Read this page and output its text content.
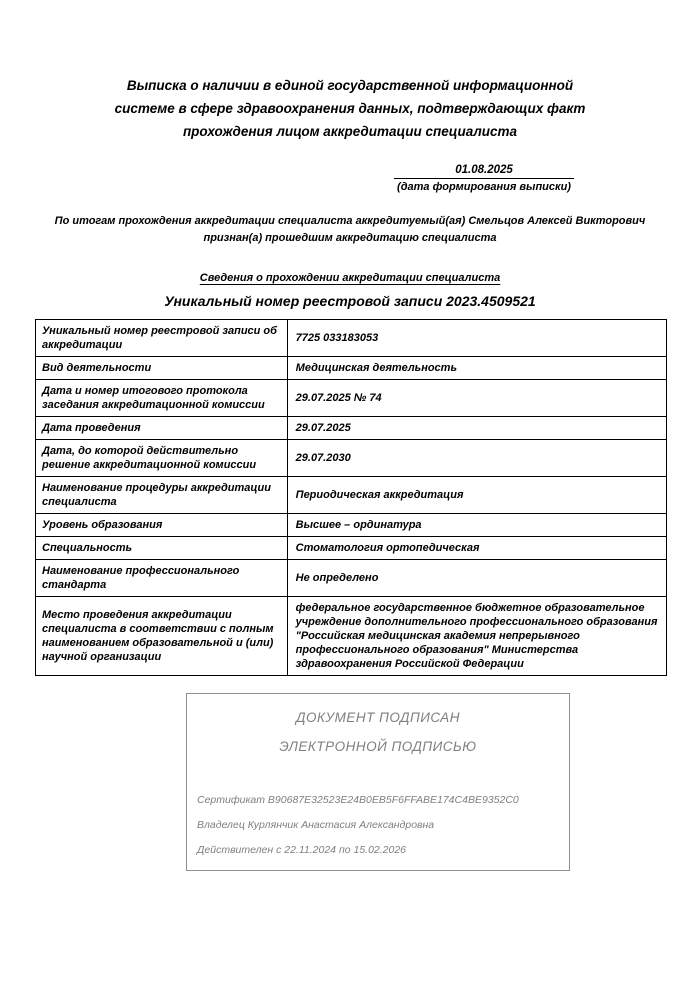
Выписка о наличии в единой государственной информационной системе в сфере здравоохранения данных, подтверждающих факт прохождения лицом аккредитации специалиста
01.08.2025
(дата формирования выписки)

По итогам прохождения аккредитации специалиста аккредитуемый(ая) Смельцов Алексей Викторович признан(а) прошедшим аккредитацию специалиста

Сведения о прохождении аккредитации специалиста
Уникальный номер реестровой записи 2023.4509521
Уникальный номер реестровой записи об аккредитации	7725 033183053
Вид деятельности	Медицинская деятельность
Дата и номер итогового протокола заседания аккредитационной комиссии	29.07.2025 № 74
Дата проведения	29.07.2025
Дата, до которой действительно решение аккредитационной комиссии	29.07.2030
Наименование процедуры аккредитации специалиста	Периодическая аккредитация
Уровень образования	Высшее – ординатура
Специальность	Стоматология ортопедическая
Наименование профессионального стандарта	Не определено
Место проведения аккредитации специалиста в соответствии с полным наименованием образовательной и (или) научной организации	федеральное государственное бюджетное образовательное учреждение дополнительного профессионального образования "Российская медицинская академия непрерывного профессионального образования" Министерства здравоохранения Российской Федерации
ДОКУМЕНТ ПОДПИСАН
ЭЛЕКТРОННОЙ ПОДПИСЬЮ
Сертификат B90687E32523E24B0EB5F6FFABE174C4BE9352C0
Владелец Курлянчик Анастасия Александровна
Действителен с 22.11.2024 по 15.02.2026
